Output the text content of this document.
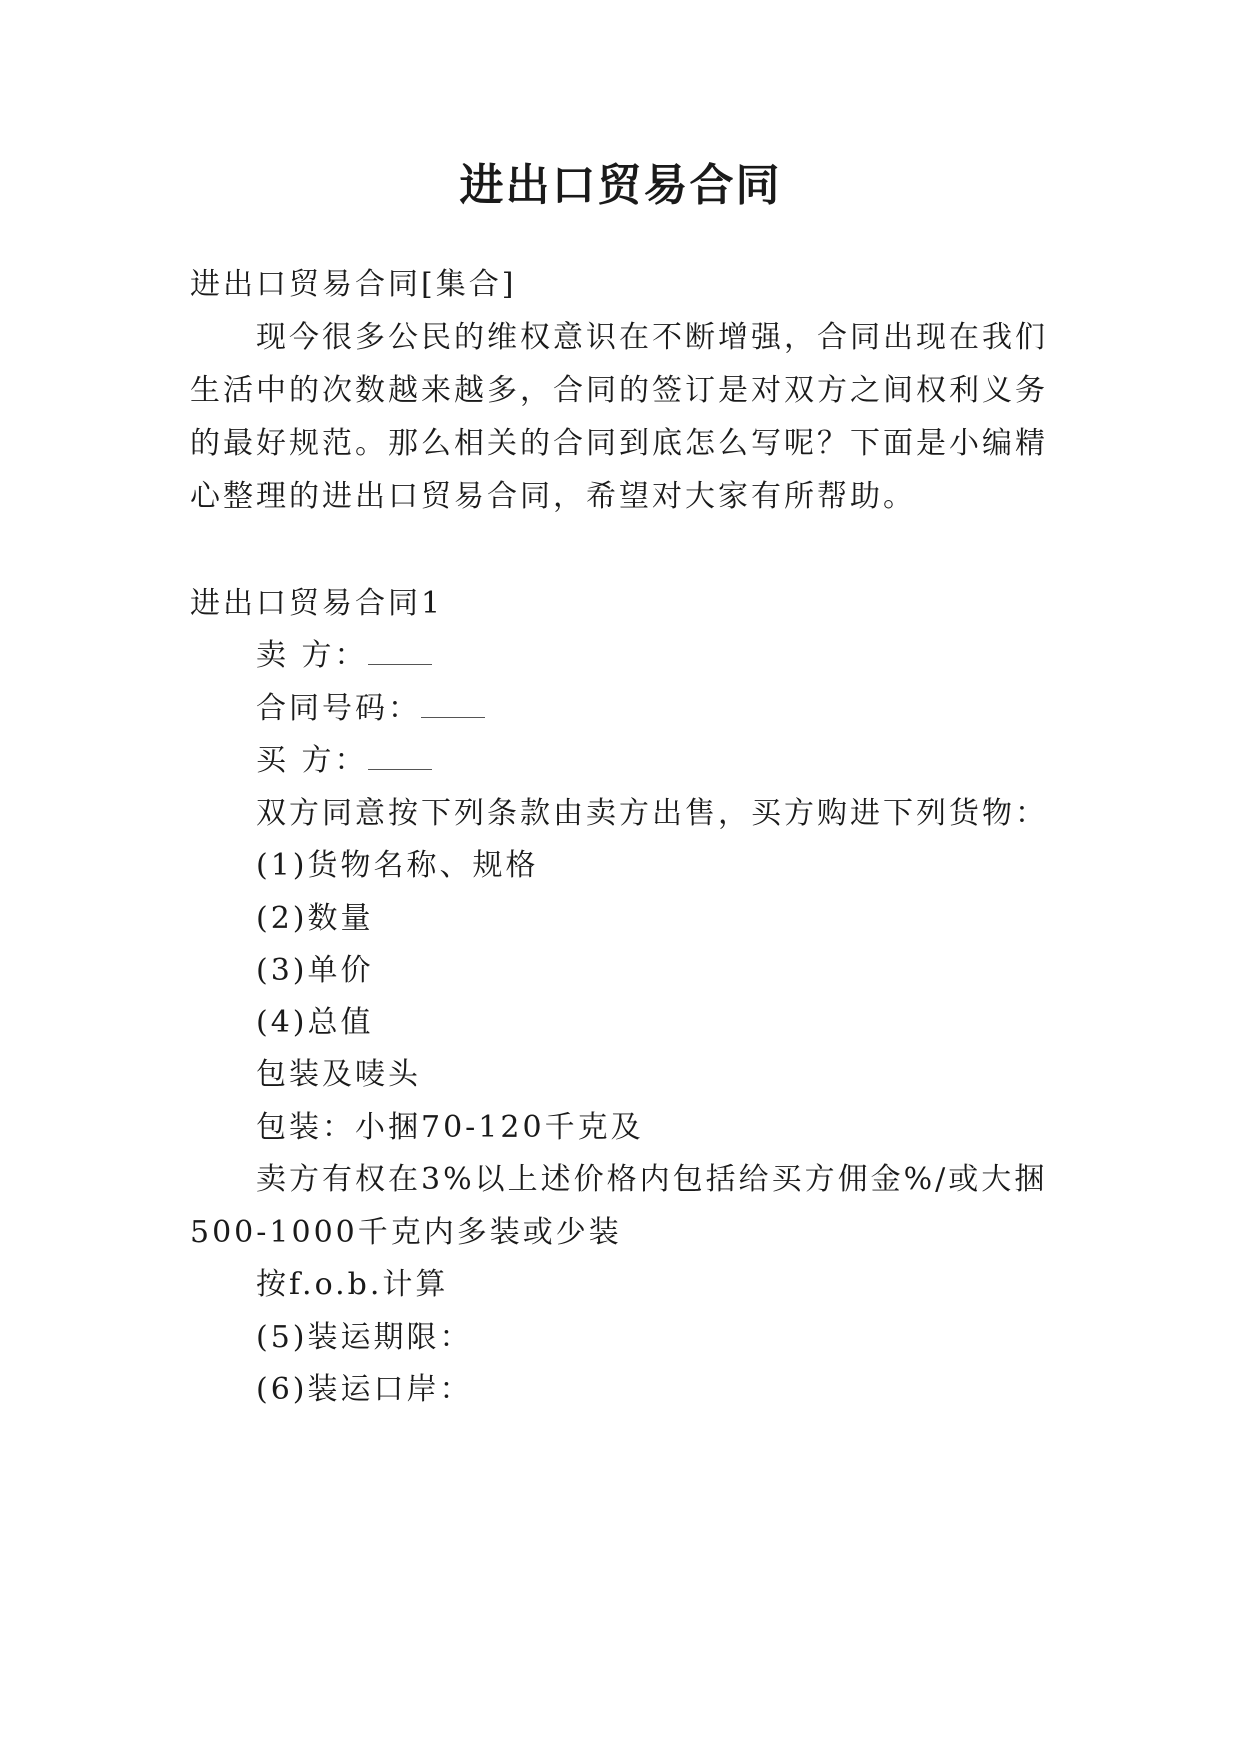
进出口贸易合同
进出口贸易合同[集合]
现今很多公民的维权意识在不断增强，合同出现在我们
生活中的次数越来越多，合同的签订是对双方之间权利义务
的最好规范。那么相关的合同到底怎么写呢？下面是小编精
心整理的进出口贸易合同，希望对大家有所帮助。
进出口贸易合同1
卖 方：
合同号码：
买 方：
双方同意按下列条款由卖方出售，买方购进下列货物：
(1)货物名称、规格
(2)数量
(3)单价
(4)总值
包装及唛头
包装：小捆70-120千克及
卖方有权在3%以上述价格内包括给买方佣金%/或大捆
500-1000千克内多装或少装
按f.o.b.计算
(5)装运期限：
(6)装运口岸：
